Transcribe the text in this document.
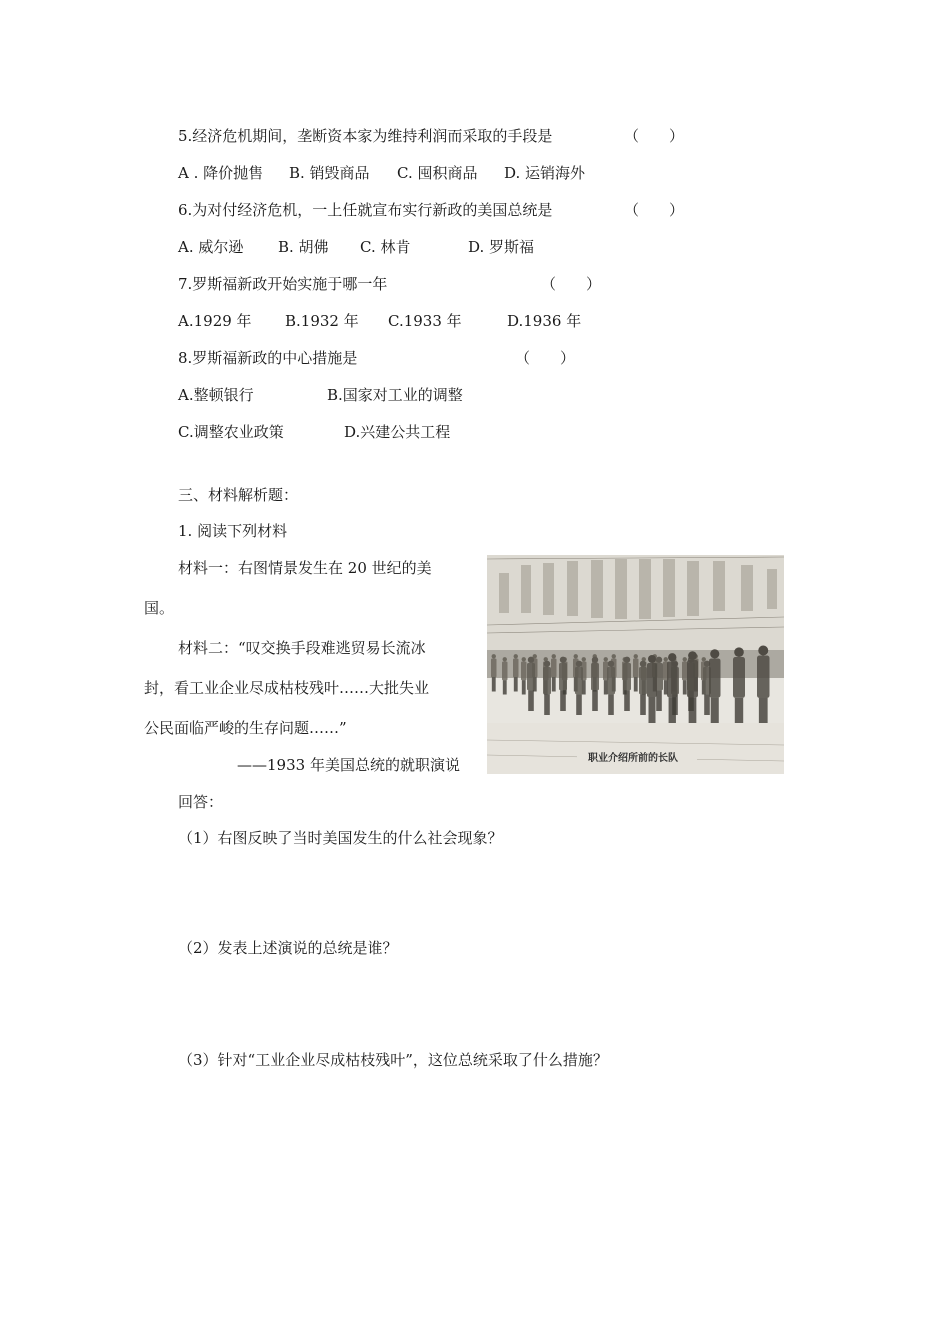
5.经济危机期间，垄断资本家为维持利润而采取的手段是	（　　）
A . 降价抛售 B. 销毁商品 C. 囤积商品 D. 运销海外
6.为对付经济危机，一上任就宣布实行新政的美国总统是	（　　）
A. 威尔逊 B. 胡佛 C. 林肯	D. 罗斯福
7.罗斯福新政开始实施于哪一年	（　　）
A.1929 年 B.1932 年 C.1933 年	D.1936 年
8.罗斯福新政的中心措施是	（　　）
A.整顿银行	B.国家对工业的调整
C.调整农业政策	D.兴建公共工程
三、材料解析题：
1. 阅读下列材料
材料一：右图情景发生在 20 世纪的美
国。
材料二：“叹交换手段难逃贸易长流冰
封，看工业企业尽成枯枝残叶……大批失业
公民面临严峻的生存问题……”
——1933 年美国总统的就职演说
回答：
（1）右图反映了当时美国发生的什么社会现象？
（2）发表上述演说的总统是谁？
（3）针对“工业企业尽成枯枝残叶”，这位总统采取了什么措施？
职业介绍所前的长队
